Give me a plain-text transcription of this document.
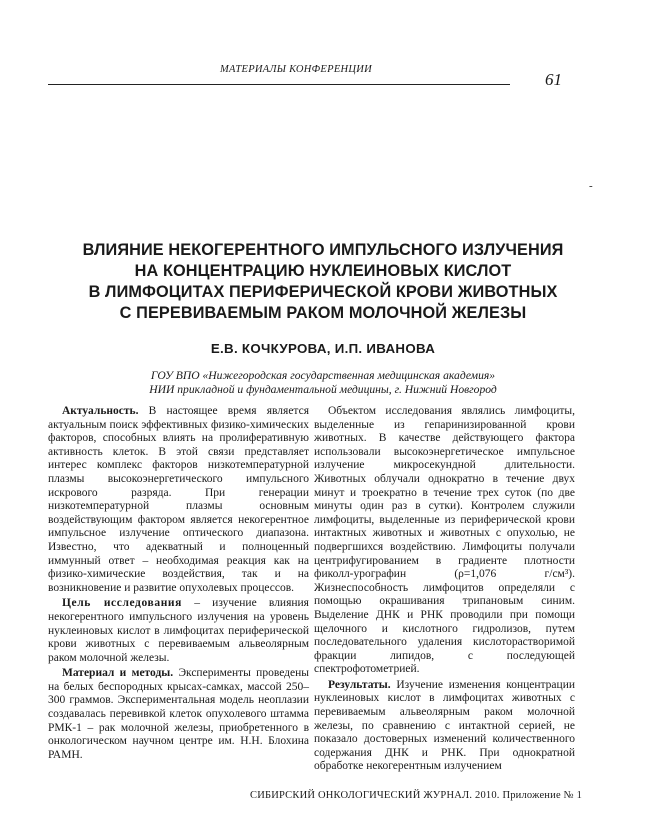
МАТЕРИАЛЫ КОНФЕРЕНЦИИ
61
-
ВЛИЯНИЕ НЕКОГЕРЕНТНОГО ИМПУЛЬСНОГО ИЗЛУЧЕНИЯ
НА КОНЦЕНТРАЦИЮ НУКЛЕИНОВЫХ КИСЛОТ
В ЛИМФОЦИТАХ ПЕРИФЕРИЧЕСКОЙ КРОВИ ЖИВОТНЫХ
С ПЕРЕВИВАЕМЫМ РАКОМ МОЛОЧНОЙ ЖЕЛЕЗЫ
Е.В. КОЧКУРОВА, И.П. ИВАНОВА
ГОУ ВПО «Нижегородская государственная медицинская академия»
НИИ прикладной и фундаментальной медицины, г. Нижний Новгород

Актуальность. В настоящее время является актуальным поиск эффективных физико-химических факторов, способных влиять на пролиферативную активность клеток. В этой связи представляет интерес комплекс факторов низкотемпературной плазмы высокоэнергетического импульсного искрового разряда. При генерации низкотемпературной плазмы основным воздействующим фактором является некогерентное импульсное излучение оптического диапазона. Известно, что адекватный и полноценный иммунный ответ – необходимая реакция как на физико-химические воздействия, так и на возникновение и развитие опухолевых процессов.

Цель исследования – изучение влияния некогерентного импульсного излучения на уровень нуклеиновых кислот в лимфоцитах периферической крови животных с перевиваемым альвеолярным раком молочной железы.

Материал и методы. Эксперименты проведены на белых беспородных крысах-самках, массой 250–300 граммов. Экспериментальная модель неоплазии создавалась перевивкой клеток опухолевого штамма РМК-1 – рак молочной железы, приобретенного в онкологическом научном центре им. Н.Н. Блохина РАМН.

Объектом исследования являлись лимфоциты, выделенные из гепаринизированной крови животных. В качестве действующего фактора использовали высокоэнергетическое импульсное излучение микросекундной длительности. Животных облучали однократно в течение двух минут и троекратно в течение трех суток (по две минуты один раз в сутки). Контролем служили лимфоциты, выделенные из периферической крови интактных животных и животных с опухолью, не подвергшихся воздействию. Лимфоциты получали центрифугированием в градиенте плотности фиколл-урографин (ρ=1,076 г/см³). Жизнеспособность лимфоцитов определяли с помощью окрашивания трипановым синим. Выделение ДНК и РНК проводили при помощи щелочного и кислотного гидролизов, путем последовательного удаления кислоторастворимой фракции липидов, с последующей спектрофотометрией.

Результаты. Изучение изменения концентрации нуклеиновых кислот в лимфоцитах животных с перевиваемым альвеолярным раком молочной железы, по сравнению с интактной серией, не показало достоверных изменений количественного содержания ДНК и РНК. При однократной обработке некогерентным излучением

СИБИРСКИЙ ОНКОЛОГИЧЕСКИЙ ЖУРНАЛ. 2010. Приложение № 1
